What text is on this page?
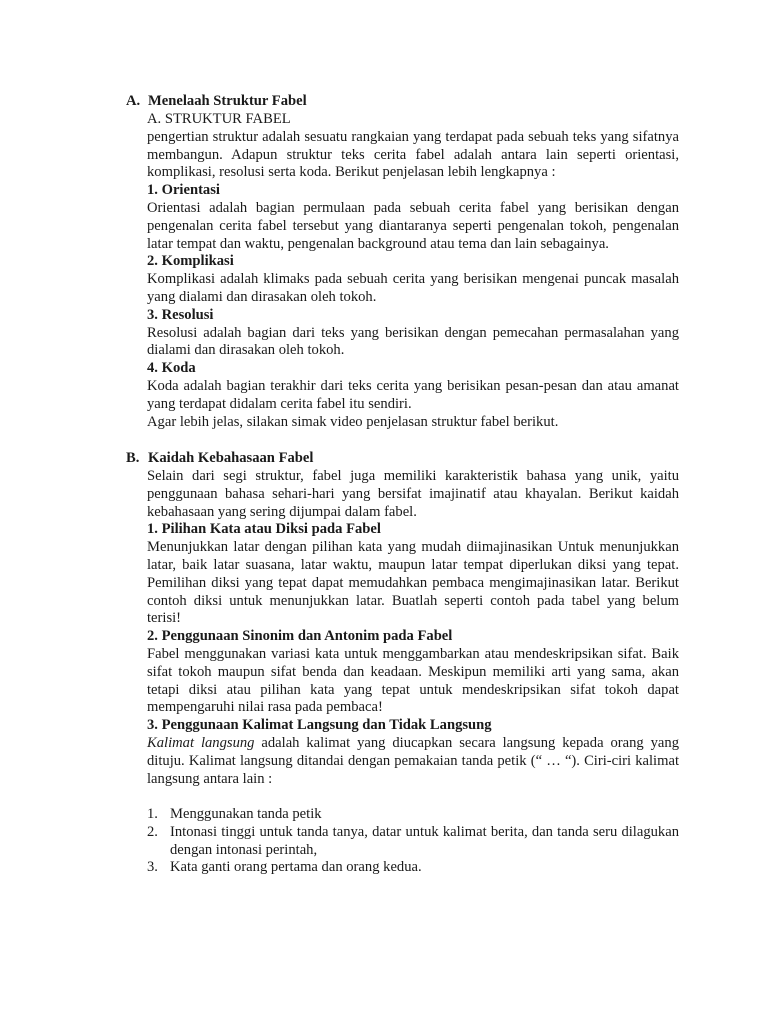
A. Menelaah Struktur Fabel

A. STRUKTUR FABEL

pengertian struktur adalah sesuatu rangkaian yang terdapat pada sebuah teks yang sifatnya membangun. Adapun struktur teks cerita fabel adalah antara lain seperti orientasi, komplikasi, resolusi serta koda. Berikut penjelasan lebih lengkapnya :

1. Orientasi

Orientasi adalah bagian permulaan pada sebuah cerita fabel yang berisikan dengan pengenalan cerita fabel tersebut yang diantaranya seperti pengenalan tokoh, pengenalan latar tempat dan waktu, pengenalan background atau tema dan lain sebagainya.

2. Komplikasi

Komplikasi adalah klimaks pada sebuah cerita yang berisikan mengenai puncak masalah yang dialami dan dirasakan oleh tokoh.

3. Resolusi

Resolusi adalah bagian dari teks yang berisikan dengan pemecahan permasalahan yang dialami dan dirasakan oleh tokoh.

4. Koda

Koda adalah bagian terakhir dari teks cerita yang berisikan pesan-pesan dan atau amanat yang terdapat didalam cerita fabel itu sendiri.

Agar lebih jelas, silakan simak video penjelasan struktur fabel berikut.

B. Kaidah Kebahasaan Fabel

Selain dari segi struktur, fabel juga memiliki karakteristik bahasa yang unik, yaitu penggunaan bahasa sehari-hari yang bersifat imajinatif atau khayalan. Berikut kaidah kebahasaan yang sering dijumpai dalam fabel.

1. Pilihan Kata atau Diksi pada Fabel

Menunjukkan latar dengan pilihan kata yang mudah diimajinasikan Untuk menunjukkan latar, baik latar suasana, latar waktu, maupun latar tempat diperlukan diksi yang tepat. Pemilihan diksi yang tepat dapat memudahkan pembaca mengimajinasikan latar. Berikut contoh diksi untuk menunjukkan latar. Buatlah seperti contoh pada tabel yang belum terisi!

2. Penggunaan Sinonim dan Antonim pada Fabel

Fabel menggunakan variasi kata untuk menggambarkan atau mendeskripsikan sifat. Baik sifat tokoh maupun sifat benda dan keadaan. Meskipun memiliki arti yang sama, akan tetapi diksi atau pilihan kata yang tepat untuk mendeskripsikan sifat tokoh dapat mempengaruhi nilai rasa pada pembaca!

3. Penggunaan Kalimat Langsung dan Tidak Langsung

Kalimat langsung adalah kalimat yang diucapkan secara langsung kepada orang yang dituju. Kalimat langsung ditandai dengan pemakaian tanda petik (“ … “). Ciri-ciri kalimat langsung antara lain :

1. Menggunakan tanda petik
2. Intonasi tinggi untuk tanda tanya, datar untuk kalimat berita, dan tanda seru dilagukan dengan intonasi perintah,
3. Kata ganti orang pertama dan orang kedua.
